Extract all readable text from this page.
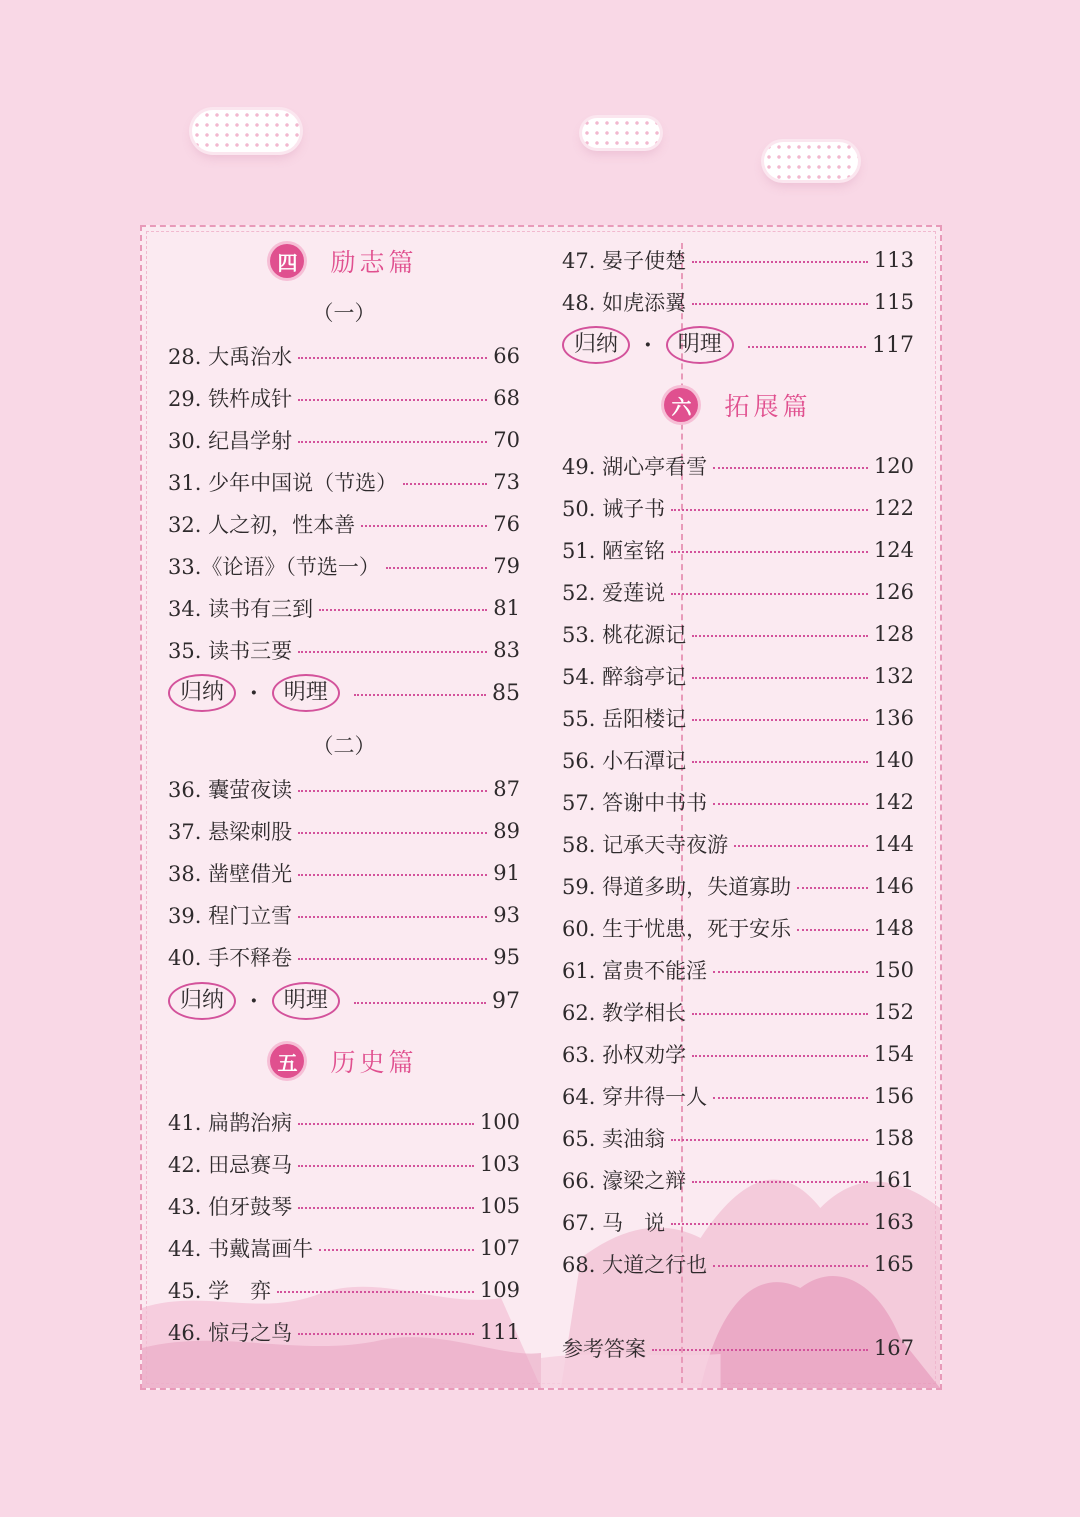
四 励志篇
（一）
28. 大禹治水	66
29. 铁杵成针	68
30. 纪昌学射	70
31. 少年中国说（节选）	73
32. 人之初，性本善	76
33.《论语》（节选一）	79
34. 读书有三到	81
35. 读书三要	83
归纳	·	明理	85
（二）
36. 囊萤夜读	87
37. 悬梁刺股	89
38. 凿壁借光	91
39. 程门立雪	93
40. 手不释卷	95
归纳	·	明理	97
五 历史篇
41. 扁鹊治病	100
42. 田忌赛马	103
43. 伯牙鼓琴	105
44. 书戴嵩画牛	107
45. 学　弈	109
46. 惊弓之鸟	111
47. 晏子使楚	113
48. 如虎添翼	115
归纳	·	明理	117
六 拓展篇
49. 湖心亭看雪	120
50. 诫子书	122
51. 陋室铭	124
52. 爱莲说	126
53. 桃花源记	128
54. 醉翁亭记	132
55. 岳阳楼记	136
56. 小石潭记	140
57. 答谢中书书	142
58. 记承天寺夜游	144
59. 得道多助，失道寡助	146
60. 生于忧患，死于安乐	148
61. 富贵不能淫	150
62. 教学相长	152
63. 孙权劝学	154
64. 穿井得一人	156
65. 卖油翁	158
66. 濠梁之辩	161
67. 马　说	163
68. 大道之行也	165
参考答案	167
